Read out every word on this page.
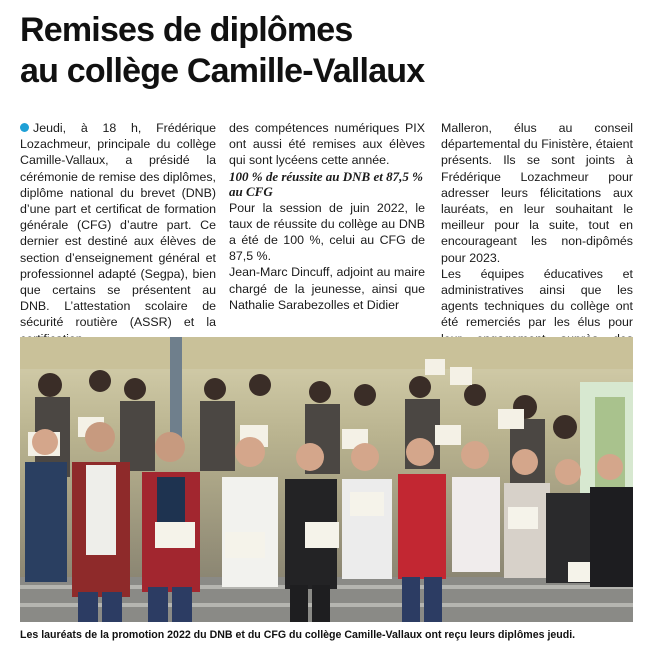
Remises de diplômes
au collège Camille-Vallaux

Jeudi, à 18 h, Frédérique Lozachmeur, principale du collège Camille-Vallaux, a présidé la cérémonie de remise des diplômes, diplôme national du brevet (DNB) d’une part et certificat de formation générale (CFG) d’autre part. Ce dernier est destiné aux élèves de section d’enseignement général et professionnel adapté (Segpa), bien que certains se présentent au DNB. L’attestation scolaire de sécurité routière (ASSR) et la

des compétences numériques PIX ont aussi été remises aux élèves qui sont lycéens cette année.

100 % de réussite au DNB et 87,5 % au CFG

Pour la session de juin 2022, le taux de réussite du collège au DNB a été de 100 %, celui au CFG de 87,5 %.

Jean-Marc Dincuff, adjoint au maire chargé de la jeunesse, ainsi que Nathalie Sarabezolles et Didier

Malleron, élus au conseil départemental du Finistère, étaient présents. Ils se sont joints à Frédérique Lozachmeur pour adresser leurs félicitations aux lauréats, en leur souhaitant le meilleur pour la suite, tout en encourageant les non-dipômés pour 2023.

Les équipes éducatives et administratives ainsi que les agents techniques du collège ont été remerciés par les élus pour

Les lauréats de la promotion 2022 du DNB et du CFG du collège Camille-Vallaux ont reçu leurs diplômes jeudi.
